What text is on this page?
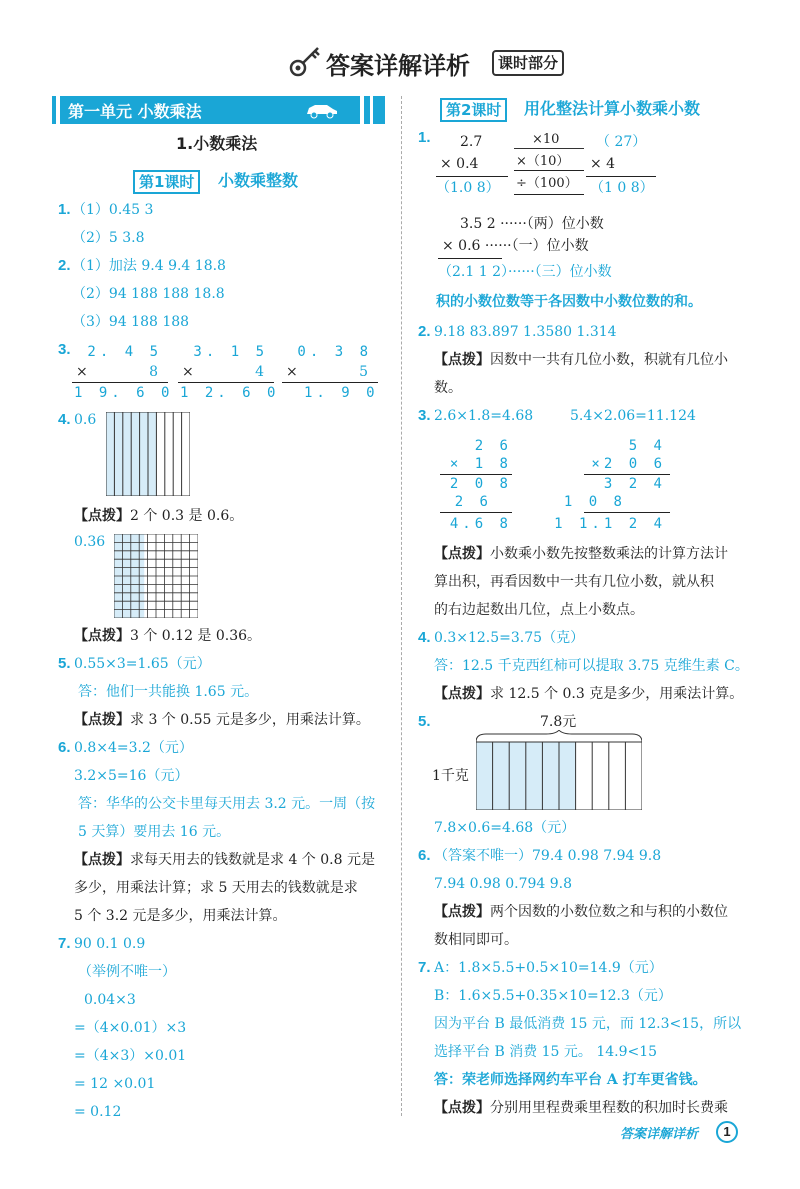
答案详解详析	课时部分
第一单元 小数乘法
1.小数乘法
第1课时	小数乘整数
1. （1）0.45 3
（2）5 3.8
2. （1）加法 9.4 9.4 18.8
（2）94 188 188 18.8
（3）94 188 188
3. 2. 4 5
×	8
1 9. 6 0
3. 1 5
×	4
1 2. 6 0
0. 3 8
×	5
1. 9 0
4. 0.6
【点拨】2 个 0.3 是 0.6。
0.36
【点拨】3 个 0.12 是 0.36。
5. 0.55×3=1.65（元）
答：他们一共能换 1.65 元。
【点拨】求 3 个 0.55 元是多少，用乘法计算。
6. 0.8×4=3.2（元）
3.2×5=16（元）
答：华华的公交卡里每天用去 3.2 元。一周（按
5 天算）要用去 16 元。
【点拨】求每天用去的钱数就是求 4 个 0.8 元是
多少，用乘法计算；求 5 天用去的钱数就是求
5 个 3.2 元是多少，用乘法计算。
7. 90 0.1 0.9
（举例不唯一）
0.04×3
=（4×0.01）×3
=（4×3）×0.01
= 12 ×0.01
= 0.12
第2课时	用化整法计算小数乘小数
1. 2.7
× 0.4
（1.0 8）
×10
×（10）
÷（100）
（ 27）
× 4
（1 0 8）
3.5 2 ······（两）位小数
× 0.6 ······（一）位小数
（2.1 1 2）······（三）位小数
积的小数位数等于各因数中小数位数的和。
2. 9.18 83.897 1.3580 1.314
【点拨】因数中一共有几位小数，积就有几位小
数。
3. 2.6×1.8=4.68	5.4×2.06=11.124
2 6
× 1 8
2 0 8
2 6
4.6 8
5 4
×2 0 6
3 2 4
1 0 8
1 1.1 2 4
【点拨】小数乘小数先按整数乘法的计算方法计
算出积，再看因数中一共有几位小数，就从积
的右边起数出几位，点上小数点。
4. 0.3×12.5=3.75（克）
答：12.5 千克西红柿可以提取 3.75 克维生素 C。
【点拨】求 12.5 个 0.3 克是多少，用乘法计算。
5.	7.8元
1千克
7.8×0.6=4.68（元）
6. （答案不唯一）79.4 0.98 7.94 9.8
7.94 0.98 0.794 9.8
【点拨】两个因数的小数位数之和与积的小数位
数相同即可。
7. A：1.8×5.5+0.5×10=14.9（元）
B：1.6×5.5+0.35×10=12.3（元）
因为平台 B 最低消费 15 元，而 12.3<15，所以
选择平台 B 消费 15 元。 14.9<15
答：荣老师选择网约车平台 A 打车更省钱。
【点拨】分别用里程费乘里程数的积加时长费乘
答案详解详析	1
